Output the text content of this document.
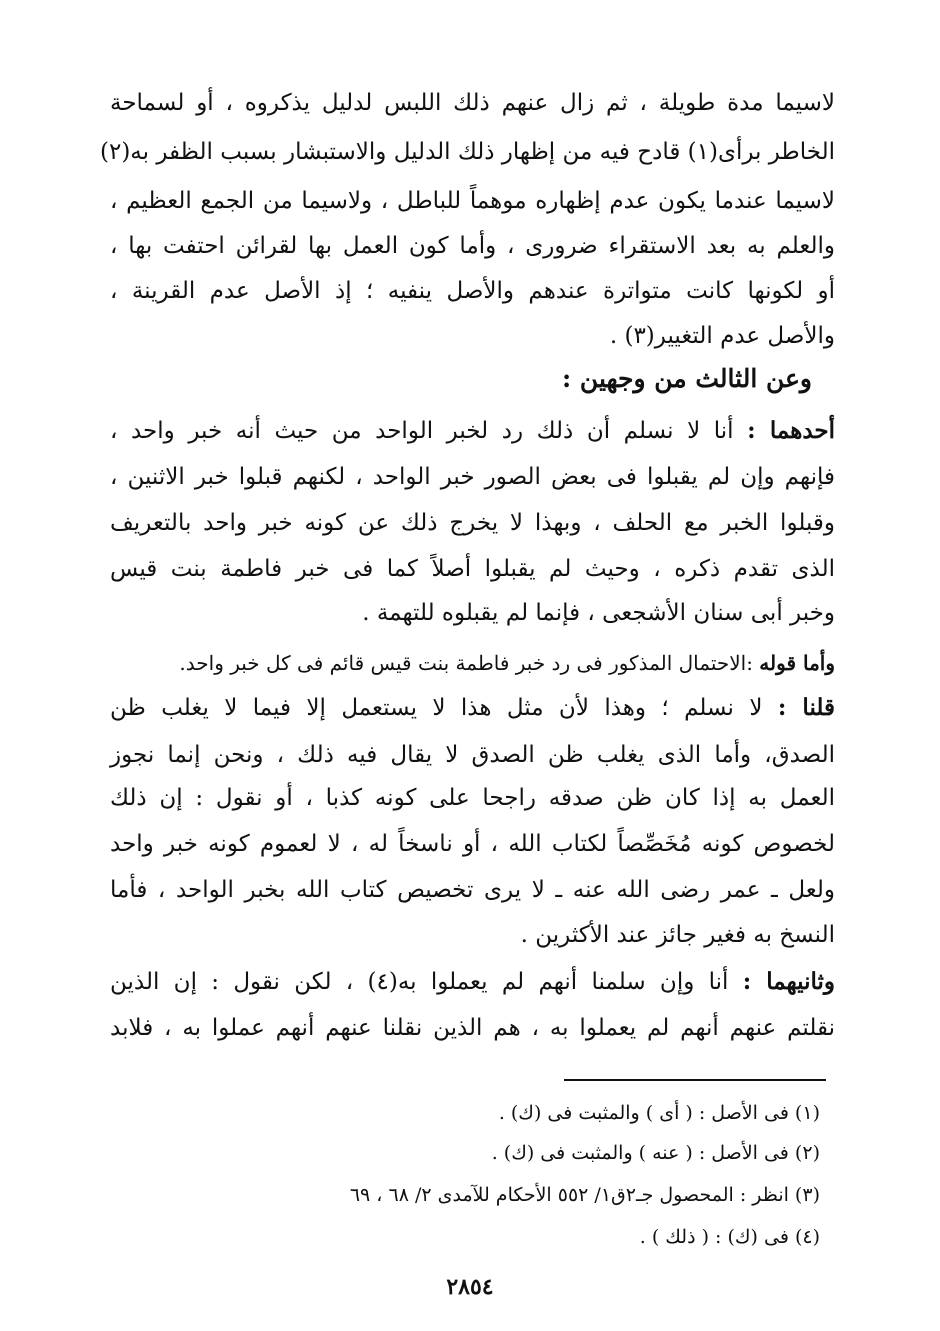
لاسيما مدة طويلة ، ثم زال عنهم ذلك اللبس لدليل يذكروه ، أو لسماحة
الخاطر برأى(١) قادح فيه من إظهار ذلك الدليل والاستبشار بسبب الظفر به(٢)
لاسيما عندما يكون عدم إظهاره موهماً للباطل ، ولاسيما من الجمع العظيم ،
والعلم به بعد الاستقراء ضرورى ، وأما كون العمل بها لقرائن احتفت بها ،
أو لكونها كانت متواترة عندهم والأصل ينفيه ؛ إذ الأصل عدم القرينة ،
والأصل عدم التغيير(٣) .
وعن الثالث من وجهين :
أحدهما : أنا لا نسلم أن ذلك رد لخبر الواحد من حيث أنه خبر واحد ،
فإنهم وإن لم يقبلوا فى بعض الصور خبر الواحد ، لكنهم قبلوا خبر الاثنين ،
وقبلوا الخبر مع الحلف ، وبهذا لا يخرج ذلك عن كونه خبر واحد بالتعريف
الذى تقدم ذكره ، وحيث لم يقبلوا أصلاً كما فى خبر فاطمة بنت قيس
وخبر أبى سنان الأشجعى ، فإنما لم يقبلوه للتهمة .
وأما قوله :الاحتمال المذكور فى رد خبر فاطمة بنت قيس قائم فى كل خبر واحد.
قلنا : لا نسلم ؛ وهذا لأن مثل هذا لا يستعمل إلا فيما لا يغلب ظن
الصدق، وأما الذى يغلب ظن الصدق لا يقال فيه ذلك ، ونحن إنما نجوز
العمل به إذا كان ظن صدقه راجحا على كونه كذبا ، أو نقول : إن ذلك
لخصوص كونه مُخَصِّصاً لكتاب الله ، أو ناسخاً له ، لا لعموم كونه خبر واحد
ولعل ـ عمر رضى الله عنه ـ لا يرى تخصيص كتاب الله بخبر الواحد ، فأما
النسخ به فغير جائز عند الأكثرين .
وثانيهما : أنا وإن سلمنا أنهم لم يعملوا به(٤) ، لكن نقول : إن الذين
نقلتم عنهم أنهم لم يعملوا به ، هم الذين نقلنا عنهم أنهم عملوا به ، فلابد
(١) فى الأصل : ( أى ) والمثبت فى (ك) .
(٢) فى الأصل : ( عنه ) والمثبت فى (ك) .
(٣) انظر : المحصول جـ٢ق١/ ٥٥٢ الأحكام للآمدى ٢/ ٦٨ ، ٦٩
(٤) فى (ك) : ( ذلك ) .
٢٨٥٤
